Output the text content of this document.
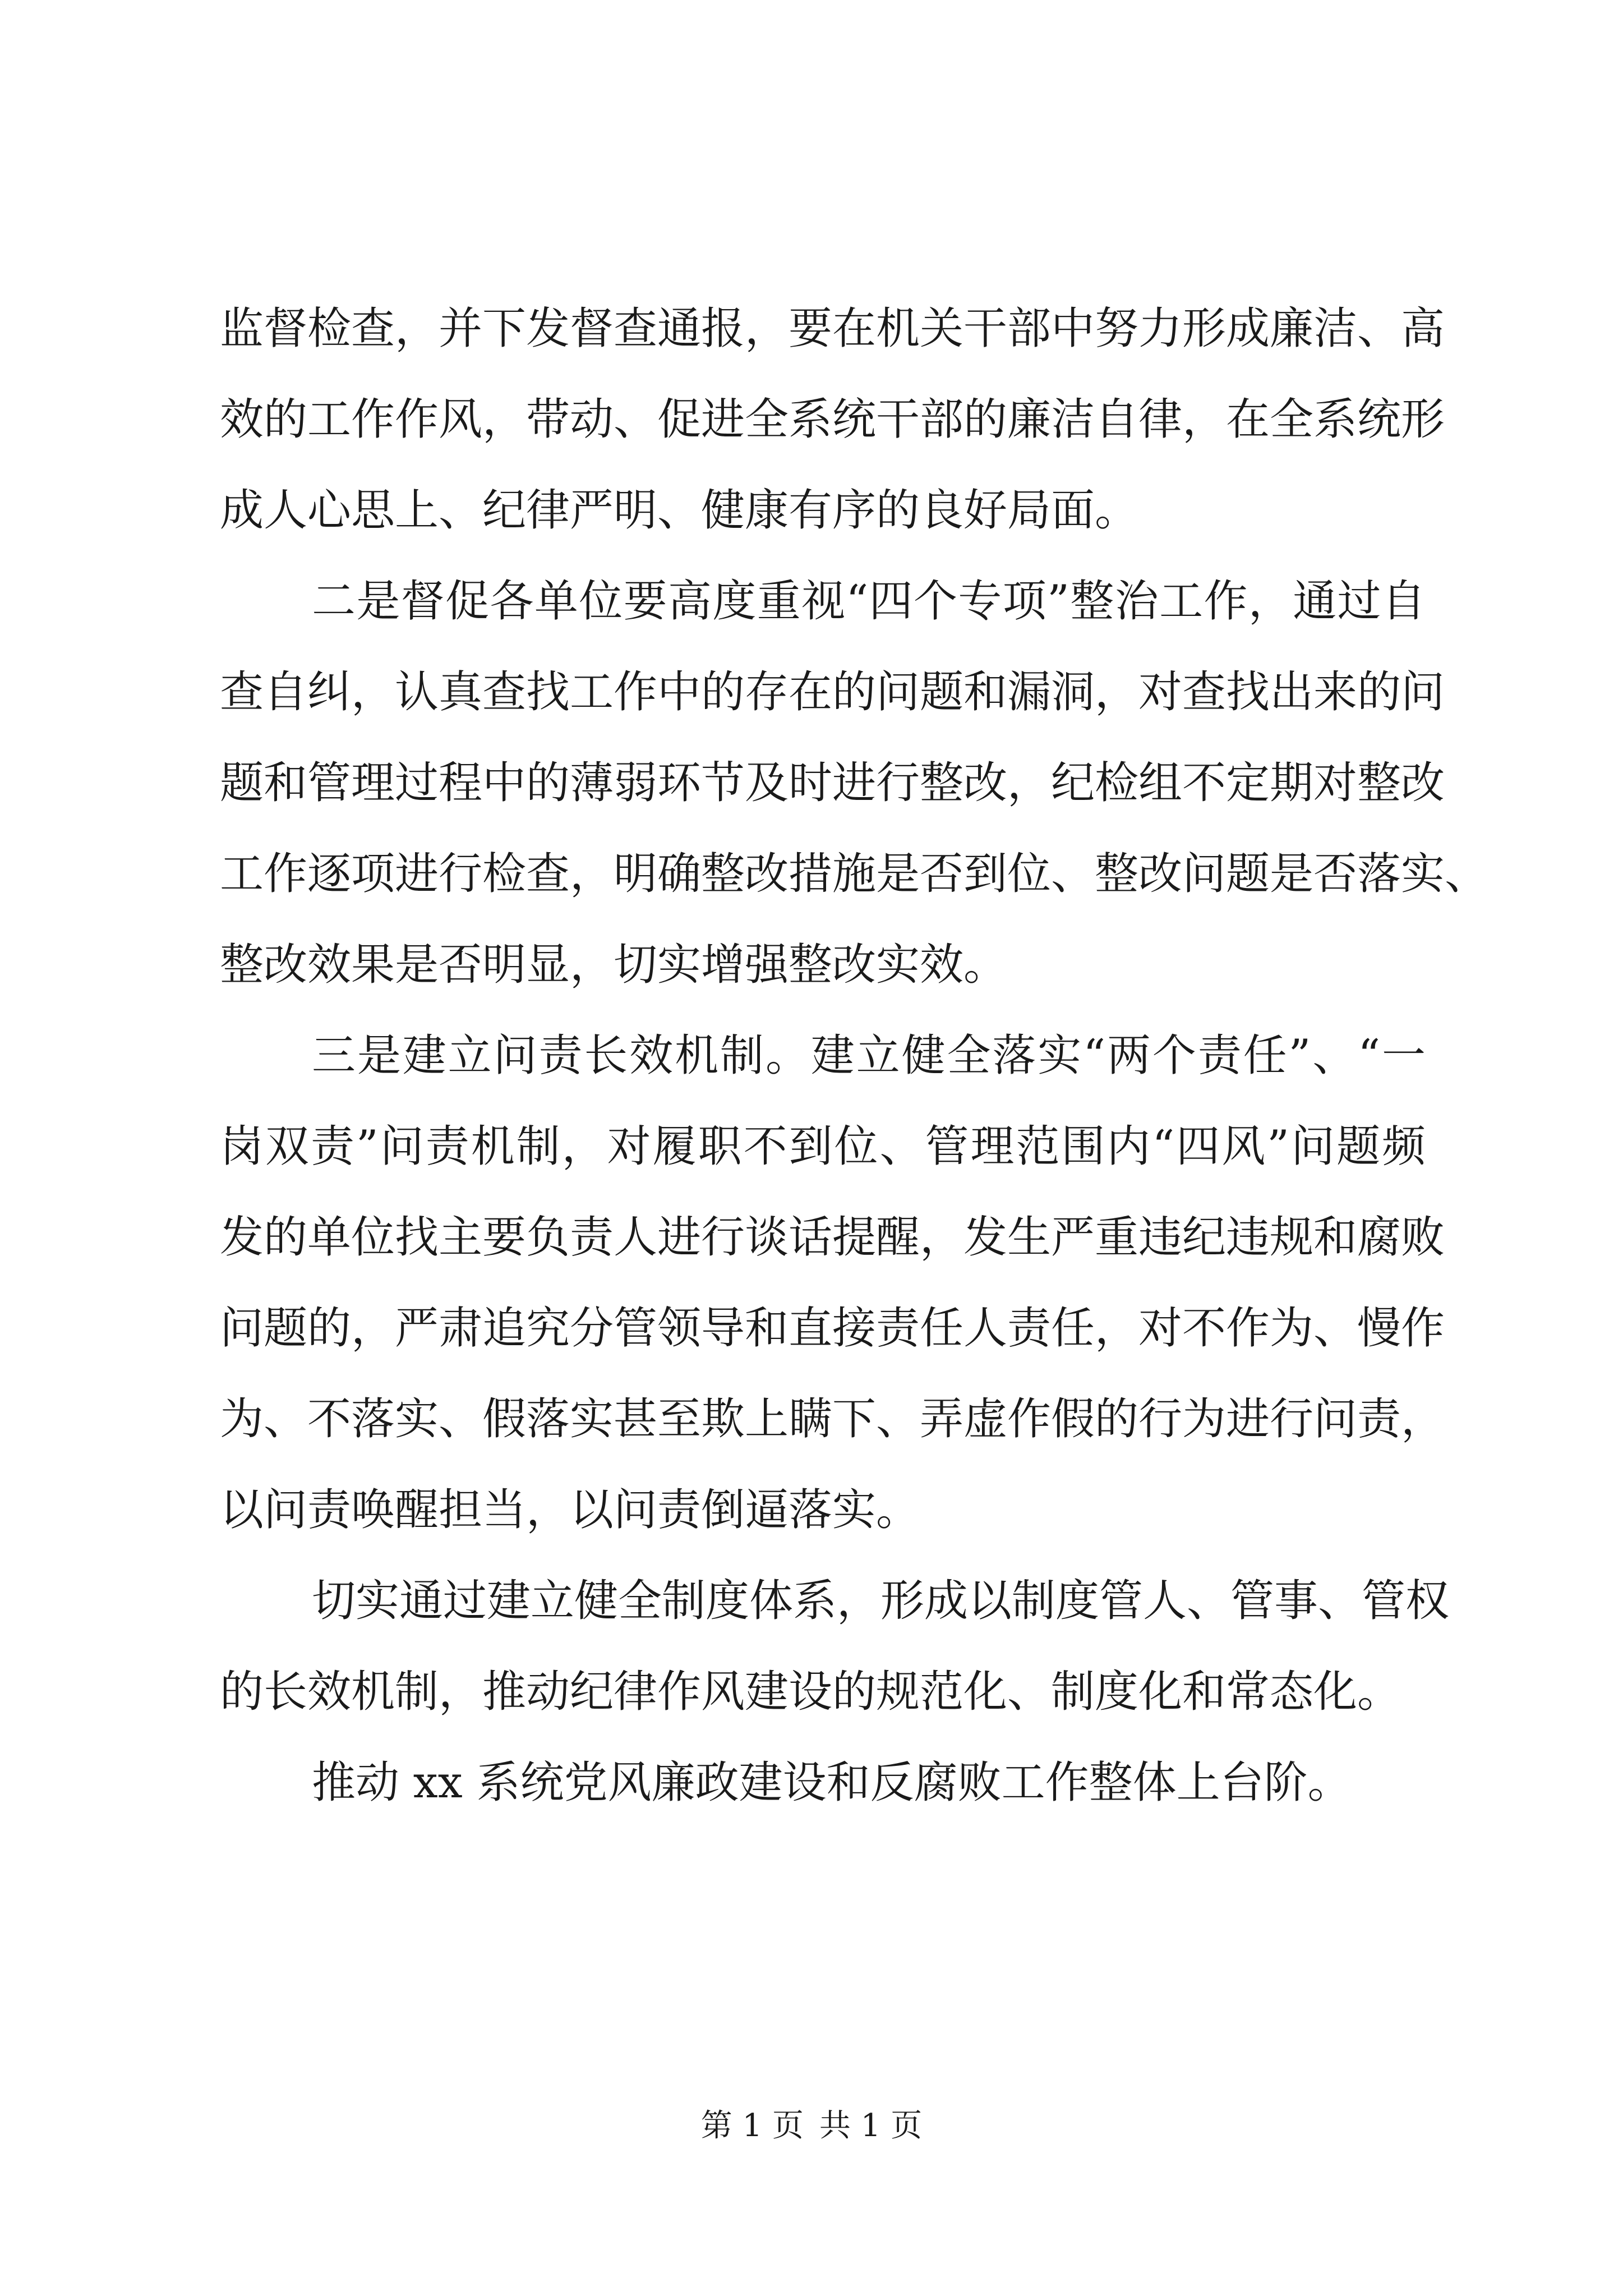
监督检查，并下发督查通报，要在机关干部中努力形成廉洁、高
效的工作作风，带动、促进全系统干部的廉洁自律，在全系统形
成人心思上、纪律严明、健康有序的良好局面。
二是督促各单位要高度重视“四个专项”整治工作，通过自
查自纠，认真查找工作中的存在的问题和漏洞，对查找出来的问
题和管理过程中的薄弱环节及时进行整改，纪检组不定期对整改
工作逐项进行检查，明确整改措施是否到位、整改问题是否落实、
整改效果是否明显，切实增强整改实效。
三是建立问责长效机制。建立健全落实“两个责任”、“一
岗双责”问责机制，对履职不到位、管理范围内“四风”问题频
发的单位找主要负责人进行谈话提醒，发生严重违纪违规和腐败
问题的，严肃追究分管领导和直接责任人责任，对不作为、慢作
为、不落实、假落实甚至欺上瞒下、弄虚作假的行为进行问责，
以问责唤醒担当，以问责倒逼落实。
切实通过建立健全制度体系，形成以制度管人、管事、管权
的长效机制，推动纪律作风建设的规范化、制度化和常态化。
推动 xx 系统党风廉政建设和反腐败工作整体上台阶。
第 1 页 共 1 页
